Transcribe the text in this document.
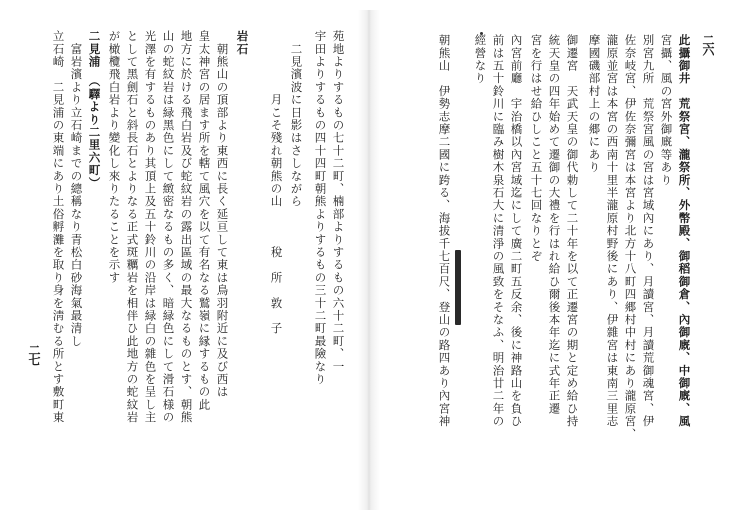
二六
此攝御井　荒祭宮、瀧祭所、外幣殿、御稻御倉、內御廐、中御廐、風
宮攝、風の宮外御廐等あり
別宮九所　荒祭宮風の宮は宮域內にあり、月讀宮、月讀荒御魂宮、伊
佐奈岐宮、伊佐奈彌宮は本宮より北方十八町四郷村中村にあり瀧原宮、
瀧原並宮は本宮の西南十里半瀧原村野後にあり、伊雜宮は東南三里志
摩國磯部村上の郷にあり
御遷宮　天武天皇の御代勅して二十年を以て正遷宮の期と定め給ひ持
統天皇の四年始めて遷御の大禮を行はれ給ひ爾後本年迄に式年正遷
宮を行はせ給ひしこと五十七回なりとぞ
內宮前廳　宇治橋以內宮域迄にして廣二町五反余、後に神路山を負ひ
前は五十鈴川に臨み樹木泉石大に清淨の風致をそなふ、明治廿二年の
經營なり
朝熊山　伊勢志摩二國に跨る、海拔千七百尺、登山の路四あり內宮神
二七	苑地よりするもの七十二町、楠部よりするもの六十二町、一
宇田よりするもの四十四町朝熊よりするもの三十二町最險なり
　二見濱波に日影はさしながら
　　　　　月こそ殘れ朝熊の山　　　稅　所　敦　子
岩石
　朝熊山の頂部より東西に長く延亘して東は鳥羽附近に及び西は
皇太神宮の居ます所を轄て風穴を以て有名なる鷲嶺に縁するもの此
地方に於ける飛白岩及び蛇紋岩の露出區域の最大なるものとす、朝熊
山の蛇紋岩は緑黑色にして緻密なるもの多く、暗緑色にして滑石様の
光澤を有するものあり其頂上及五十鈴川の沿岸は緑白の雜色を呈し主
として黑劍石と斜長石とよりなる正式斑糲岩を相伴ひ此地方の蛇紋岩
が橄欖飛白岩より變化し來りたることを示す
二見浦　（驛より二里六町）
　富岩濱より立石崎までの總稱なり青松白砂海氣最清し
立石崎　二見浦の東端にあり土俗孵灘を取り身を淸むる所とす敷町東
